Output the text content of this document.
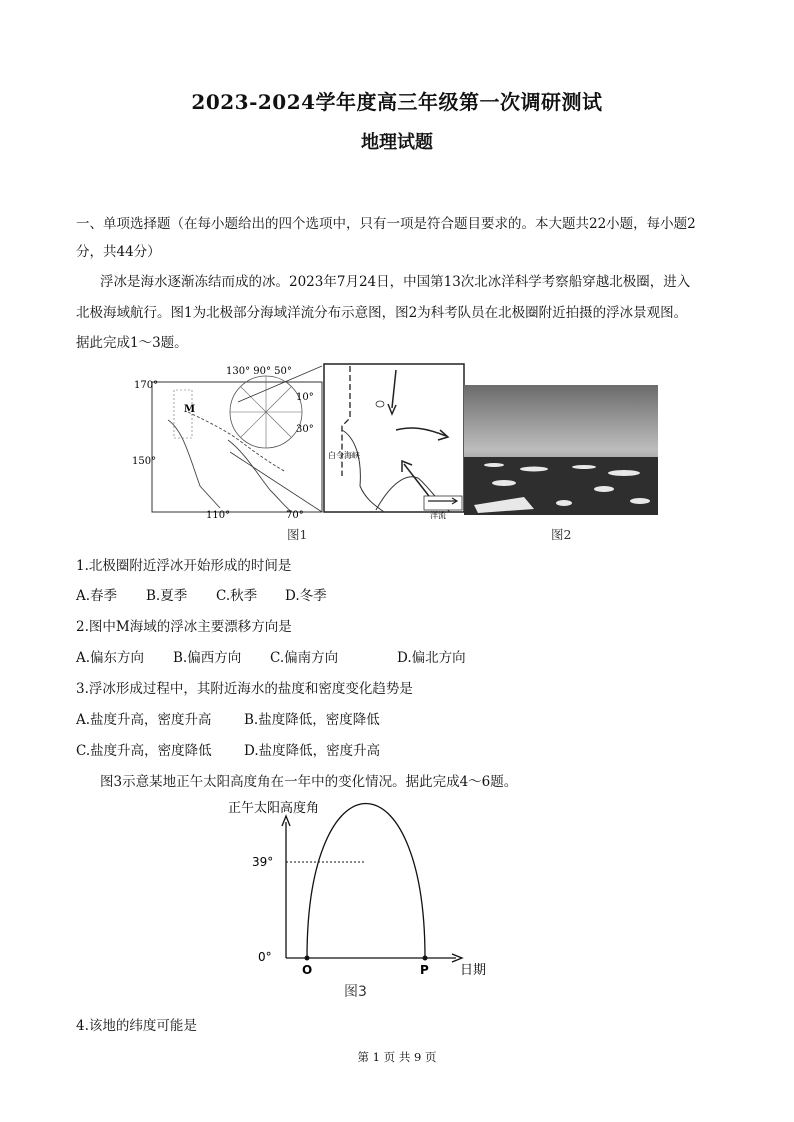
2023-2024学年度高三年级第一次调研测试
地理试题
一、单项选择题（在每小题给出的四个选项中，只有一项是符合题目要求的。本大题共22小题，每小题2
分，共44分）
浮冰是海水逐渐冻结而成的冰。2023年7月24日，中国第13次北冰洋科学考察船穿越北极圈，进入
北极海域航行。图1为北极部分海域洋流分布示意图，图2为科考队员在北极圈附近拍摄的浮冰景观图。
据此完成1～3题。
170°
130° 90° 50°
10°
30°
150°
110°	70°
M
白令海峡
洋流
图1	图2
1.北极圈附近浮冰开始形成的时间是
A.春季 B.夏季 C.秋季 D.冬季
2.图中M海域的浮冰主要漂移方向是
A.偏东方向 B.偏西方向 C.偏南方向	D.偏北方向
3.浮冰形成过程中，其附近海水的盐度和密度变化趋势是
A.盐度升高，密度升高 B.盐度降低，密度降低
C.盐度升高，密度降低 D.盐度降低，密度升高
图3示意某地正午太阳高度角在一年中的变化情况。据此完成4～6题。
正午太阳高度角
39°
0°
O	P 日期
图3
4.该地的纬度可能是
第 1 页 共 9 页
